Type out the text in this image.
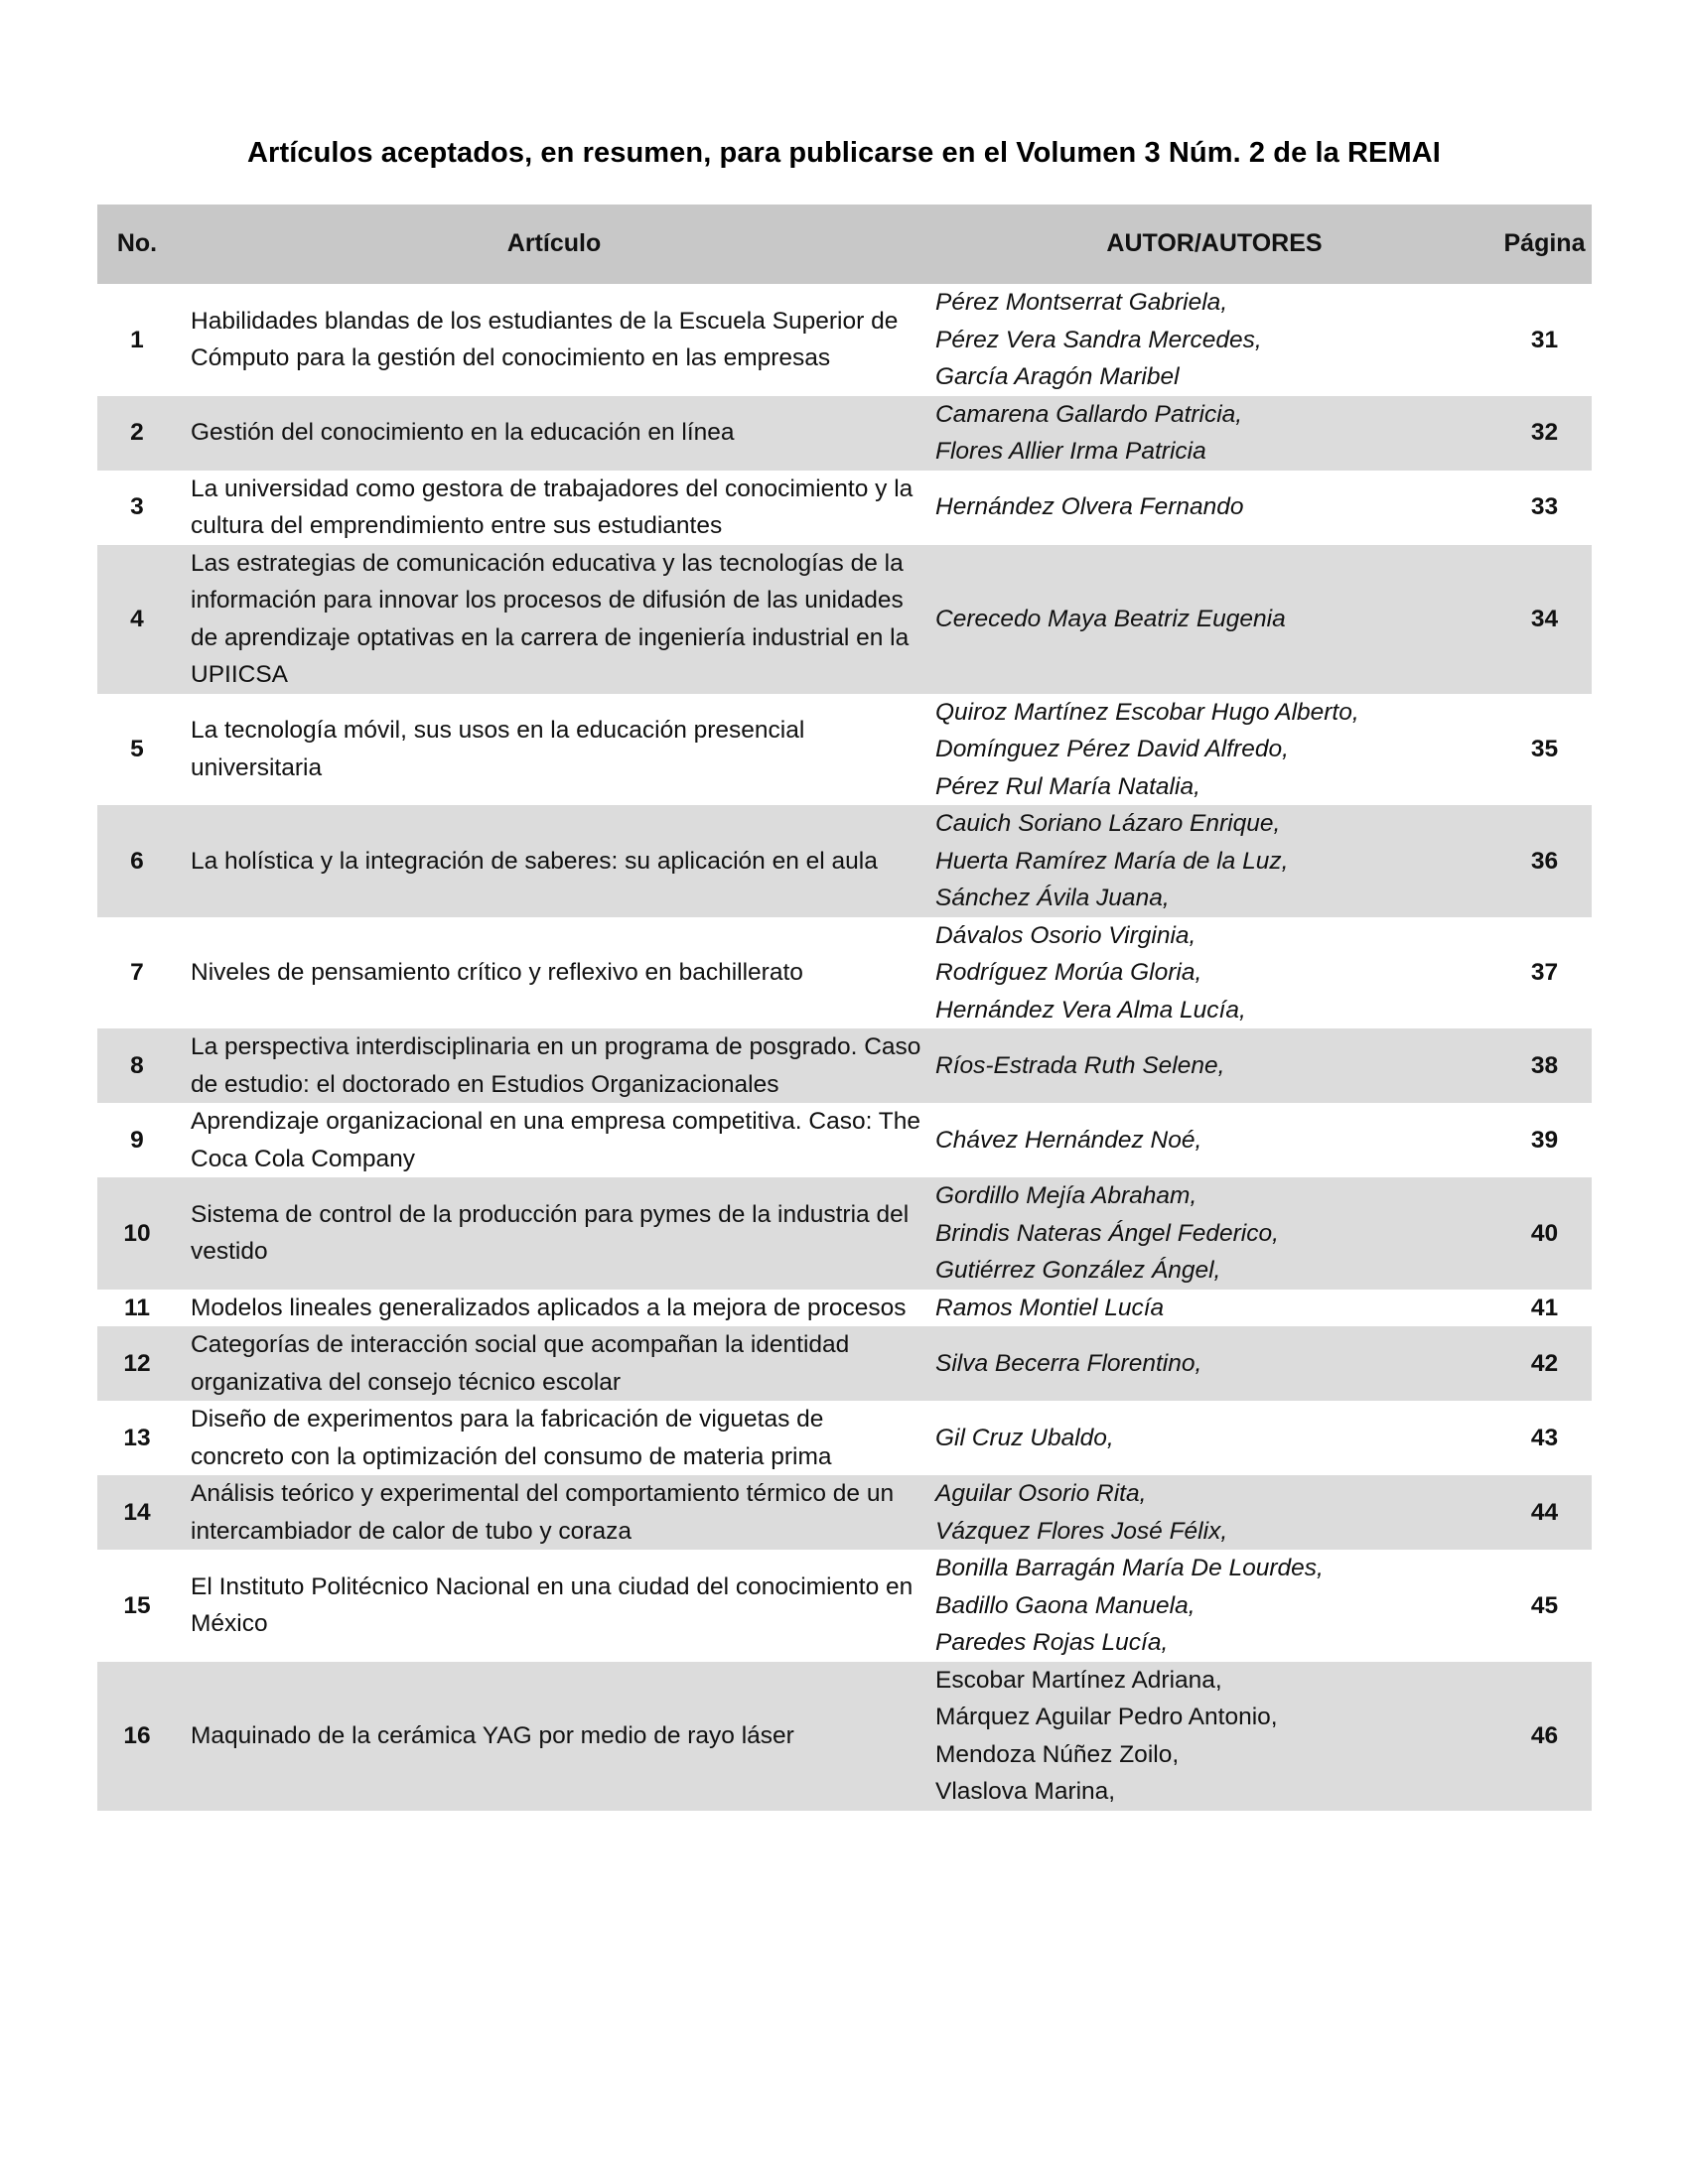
Artículos aceptados, en resumen, para publicarse en el Volumen 3 Núm. 2 de la REMAI
No.	Artículo	AUTOR/AUTORES	Página
1	Habilidades blandas de los estudiantes de la Escuela Superior de Cómputo para la gestión del conocimiento en las empresas	Pérez Montserrat Gabriela,
Pérez Vera Sandra Mercedes,
García Aragón Maribel	31
2	Gestión del conocimiento en la educación en línea	Camarena Gallardo Patricia,
Flores Allier Irma Patricia	32
3	La universidad como gestora de trabajadores del conocimiento y la cultura del emprendimiento entre sus estudiantes	Hernández Olvera Fernando	33
4	Las estrategias de comunicación educativa y las tecnologías de la información para innovar los procesos de difusión de las unidades de aprendizaje optativas en la carrera de ingeniería industrial en la UPIICSA	Cerecedo Maya Beatriz Eugenia	34
5	La tecnología móvil, sus usos en la educación presencial universitaria	Quiroz Martínez Escobar Hugo Alberto,
Domínguez Pérez David Alfredo,
Pérez Rul María Natalia,	35
6	La holística y la integración de saberes: su aplicación en el aula	Cauich Soriano Lázaro Enrique,
Huerta Ramírez María de la Luz,
Sánchez Ávila Juana,	36
7	Niveles de pensamiento crítico y reflexivo en bachillerato	Dávalos Osorio Virginia,
Rodríguez Morúa Gloria,
Hernández Vera Alma Lucía,	37
8	La perspectiva interdisciplinaria en un programa de posgrado. Caso de estudio: el doctorado en Estudios Organizacionales	Ríos-Estrada Ruth Selene,	38
9	Aprendizaje organizacional en una empresa competitiva. Caso: The Coca Cola Company	Chávez Hernández Noé,	39
10	Sistema de control de la producción para pymes de la industria del vestido	Gordillo Mejía Abraham,
Brindis Nateras Ángel Federico,
Gutiérrez González Ángel,	40
11	Modelos lineales generalizados aplicados a la mejora de procesos	Ramos Montiel Lucía	41
12	Categorías de interacción social que acompañan la identidad organizativa del consejo técnico escolar	Silva Becerra Florentino,	42
13	Diseño de experimentos para la fabricación de viguetas de concreto con la optimización del consumo de materia prima	Gil Cruz Ubaldo,	43
14	Análisis teórico y experimental del comportamiento térmico de un intercambiador de calor de tubo y coraza	Aguilar Osorio Rita,
Vázquez Flores José Félix,	44
15	El Instituto Politécnico Nacional en una ciudad del conocimiento en México	Bonilla Barragán María De Lourdes,
Badillo Gaona Manuela,
Paredes Rojas Lucía,	45
16	Maquinado de la cerámica YAG por medio de rayo láser	Escobar Martínez Adriana,
Márquez Aguilar Pedro Antonio,
Mendoza Núñez Zoilo,
Vlaslova Marina,	46
